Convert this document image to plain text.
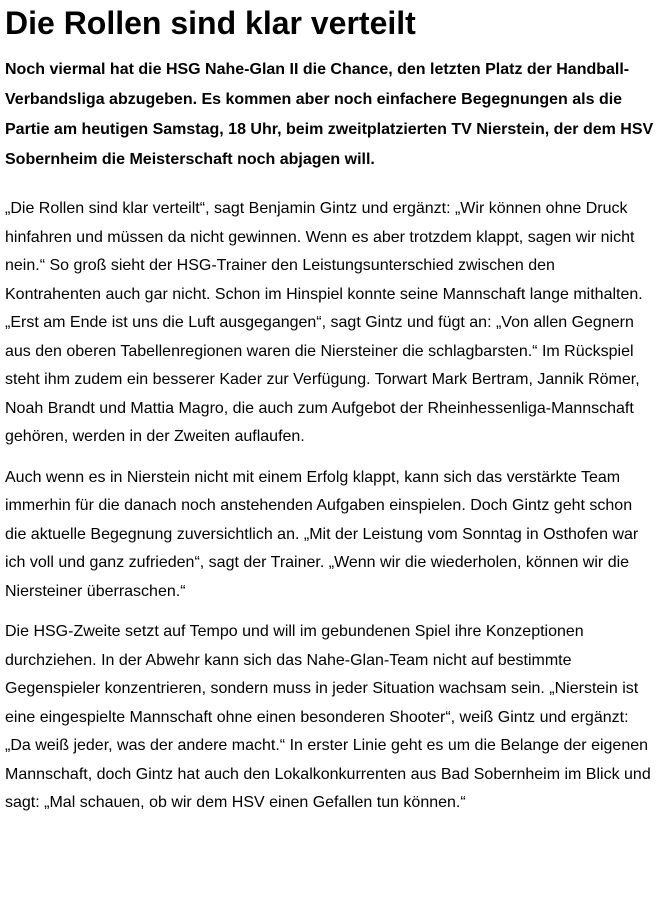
Die Rollen sind klar verteilt

Noch viermal hat die HSG Nahe-Glan II die Chance, den letzten Platz der Handball-Verbandsliga abzugeben. Es kommen aber noch einfachere Begegnungen als die Partie am heutigen Samstag, 18 Uhr, beim zweitplatzierten TV Nierstein, der dem HSV Sobernheim die Meisterschaft noch abjagen will.

„Die Rollen sind klar verteilt“, sagt Benjamin Gintz und ergänzt: „Wir können ohne Druck hinfahren und müssen da nicht gewinnen. Wenn es aber trotzdem klappt, sagen wir nicht nein.“ So groß sieht der HSG-Trainer den Leistungsunterschied zwischen den Kontrahenten auch gar nicht. Schon im Hinspiel konnte seine Mannschaft lange mithalten. „Erst am Ende ist uns die Luft ausgegangen“, sagt Gintz und fügt an: „Von allen Gegnern aus den oberen Tabellenregionen waren die Niersteiner die schlagbarsten.“ Im Rückspiel steht ihm zudem ein besserer Kader zur Verfügung. Torwart Mark Bertram, Jannik Römer, Noah Brandt und Mattia Magro, die auch zum Aufgebot der Rheinhessenliga-Mannschaft gehören, werden in der Zweiten auflaufen.

Auch wenn es in Nierstein nicht mit einem Erfolg klappt, kann sich das verstärkte Team immerhin für die danach noch anstehenden Aufgaben einspielen. Doch Gintz geht schon die aktuelle Begegnung zuversichtlich an. „Mit der Leistung vom Sonntag in Osthofen war ich voll und ganz zufrieden“, sagt der Trainer. „Wenn wir die wiederholen, können wir die Niersteiner überraschen.“

Die HSG-Zweite setzt auf Tempo und will im gebundenen Spiel ihre Konzeptionen durchziehen. In der Abwehr kann sich das Nahe-Glan-Team nicht auf bestimmte Gegenspieler konzentrieren, sondern muss in jeder Situation wachsam sein. „Nierstein ist eine eingespielte Mannschaft ohne einen besonderen Shooter“, weiß Gintz und ergänzt: „Da weiß jeder, was der andere macht.“ In erster Linie geht es um die Belange der eigenen Mannschaft, doch Gintz hat auch den Lokalkonkurrenten aus Bad Sobernheim im Blick und sagt: „Mal schauen, ob wir dem HSV einen Gefallen tun können.“
